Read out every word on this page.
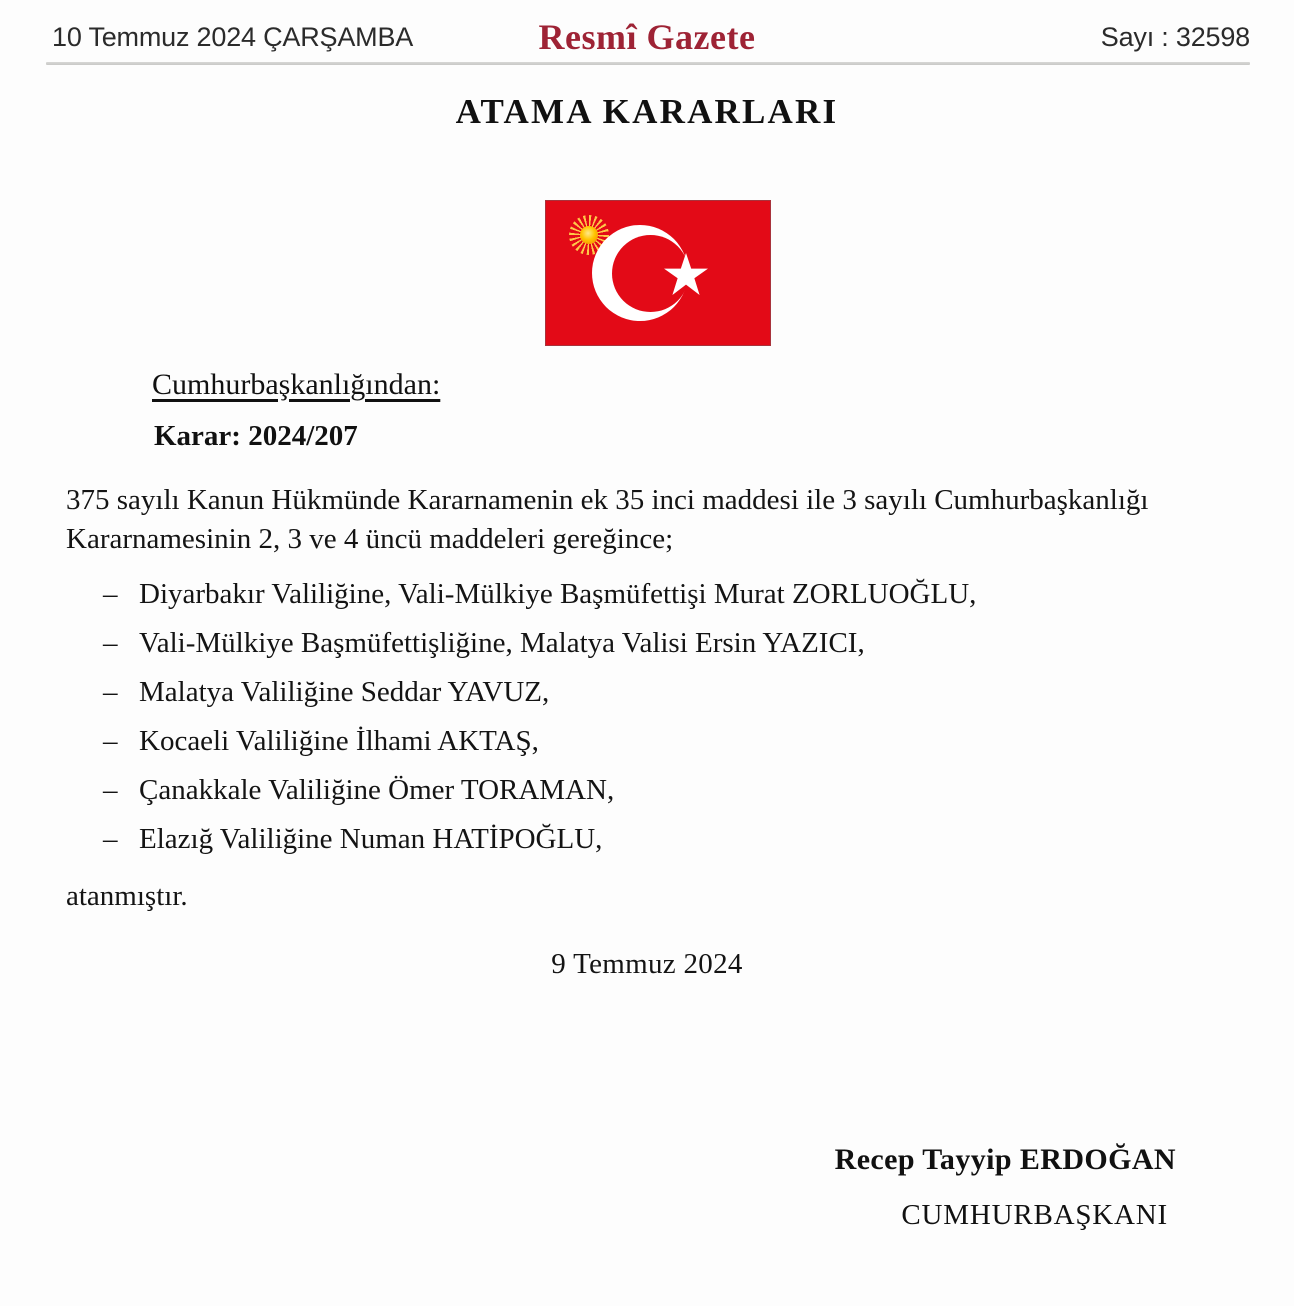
10 Temmuz 2024 ÇARŞAMBA	Resmî Gazete	Sayı : 32598
ATAMA KARARLARI
Cumhurbaşkanlığından:
Karar: 2024/207
375 sayılı Kanun Hükmünde Kararnamenin ek 35 inci maddesi ile 3 sayılı Cumhurbaşkanlığı Kararnamesinin 2, 3 ve 4 üncü maddeleri gereğince;
– Diyarbakır Valiliğine, Vali-Mülkiye Başmüfettişi Murat ZORLUOĞLU,
– Vali-Mülkiye Başmüfettişliğine, Malatya Valisi Ersin YAZICI,
– Malatya Valiliğine Seddar YAVUZ,
– Kocaeli Valiliğine İlhami AKTAŞ,
– Çanakkale Valiliğine Ömer TORAMAN,
– Elazığ Valiliğine Numan HATİPOĞLU,
atanmıştır.
9 Temmuz 2024
Recep Tayyip ERDOĞAN
CUMHURBAŞKANI
